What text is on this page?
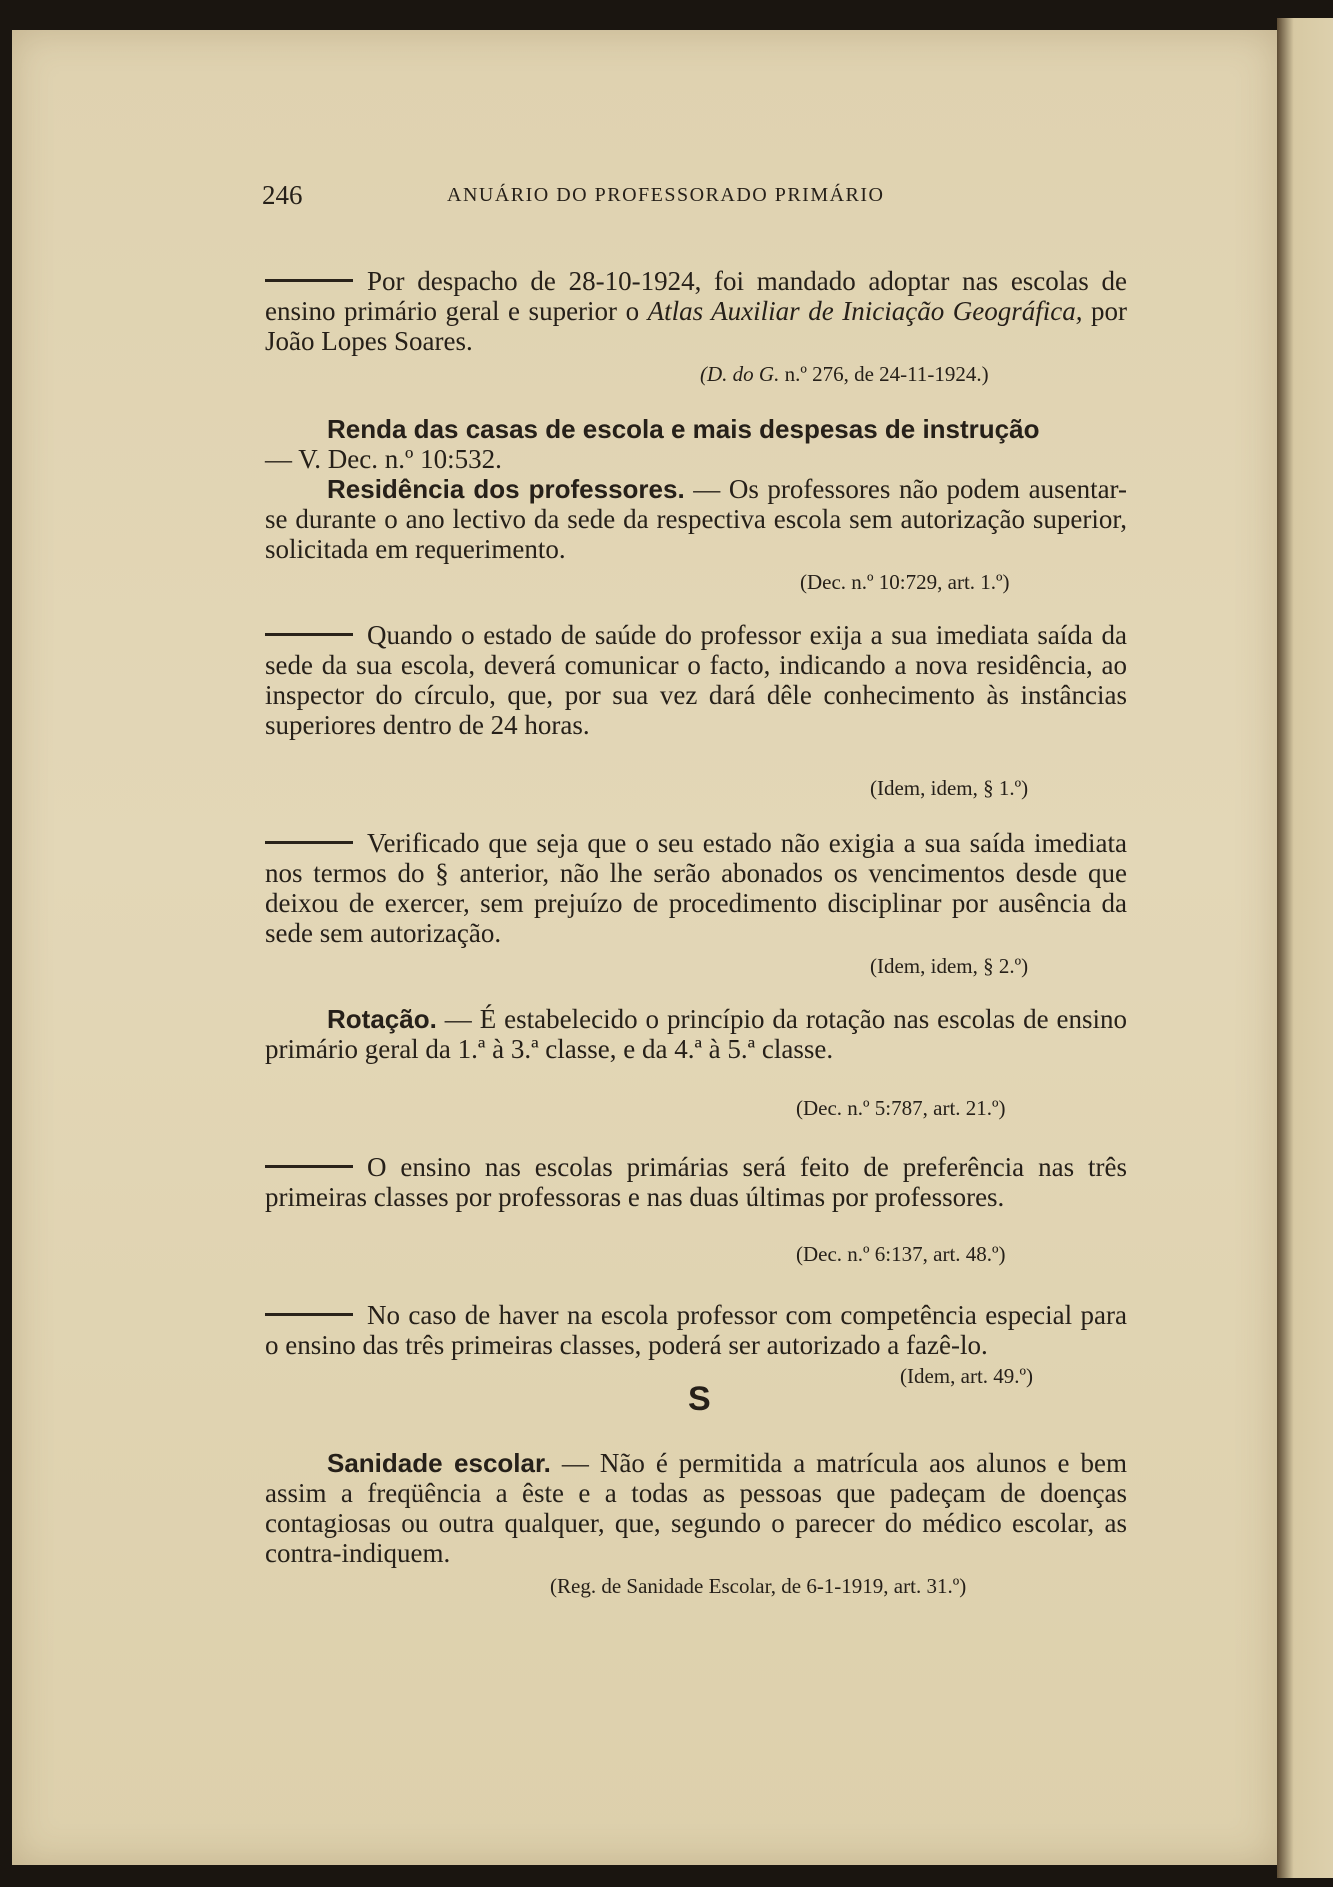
246	ANUÁRIO DO PROFESSORADO PRIMÁRIO
Por despacho de 28-10-1924, foi mandado adoptar nas escolas de ensino primário geral e superior o Atlas Auxiliar de Iniciação Geográfica, por João Lopes Soares.
(D. do G. n.º 276, de 24-11-1924.)
Renda das casas de escola e mais despesas de instrução
— V. Dec. n.º 10:532.
Residência dos professores. — Os professores não podem ausentar-se durante o ano lectivo da sede da respectiva escola sem autorização superior, solicitada em requerimento.
(Dec. n.º 10:729, art. 1.º)
Quando o estado de saúde do professor exija a sua imediata saída da sede da sua escola, deverá comunicar o facto, indicando a nova residência, ao inspector do círculo, que, por sua vez dará dêle conhecimento às instâncias superiores dentro de 24 horas.
(Idem, idem, § 1.º)
Verificado que seja que o seu estado não exigia a sua saída imediata nos termos do § anterior, não lhe serão abonados os vencimentos desde que deixou de exercer, sem prejuízo de procedimento disciplinar por ausência da sede sem autorização.
(Idem, idem, § 2.º)
Rotação. — É estabelecido o princípio da rotação nas escolas de ensino primário geral da 1.ª à 3.ª classe, e da 4.ª à 5.ª classe.
(Dec. n.º 5:787, art. 21.º)
O ensino nas escolas primárias será feito de preferência nas três primeiras classes por professoras e nas duas últimas por professores.
(Dec. n.º 6:137, art. 48.º)
No caso de haver na escola professor com competência especial para o ensino das três primeiras classes, poderá ser autorizado a fazê-lo.
(Idem, art. 49.º)
S
Sanidade escolar. — Não é permitida a matrícula aos alunos e bem assim a freqüência a êste e a todas as pessoas que padeçam de doenças contagiosas ou outra qualquer, que, segundo o parecer do médico escolar, as contra-indiquem.
(Reg. de Sanidade Escolar, de 6-1-1919, art. 31.º)
